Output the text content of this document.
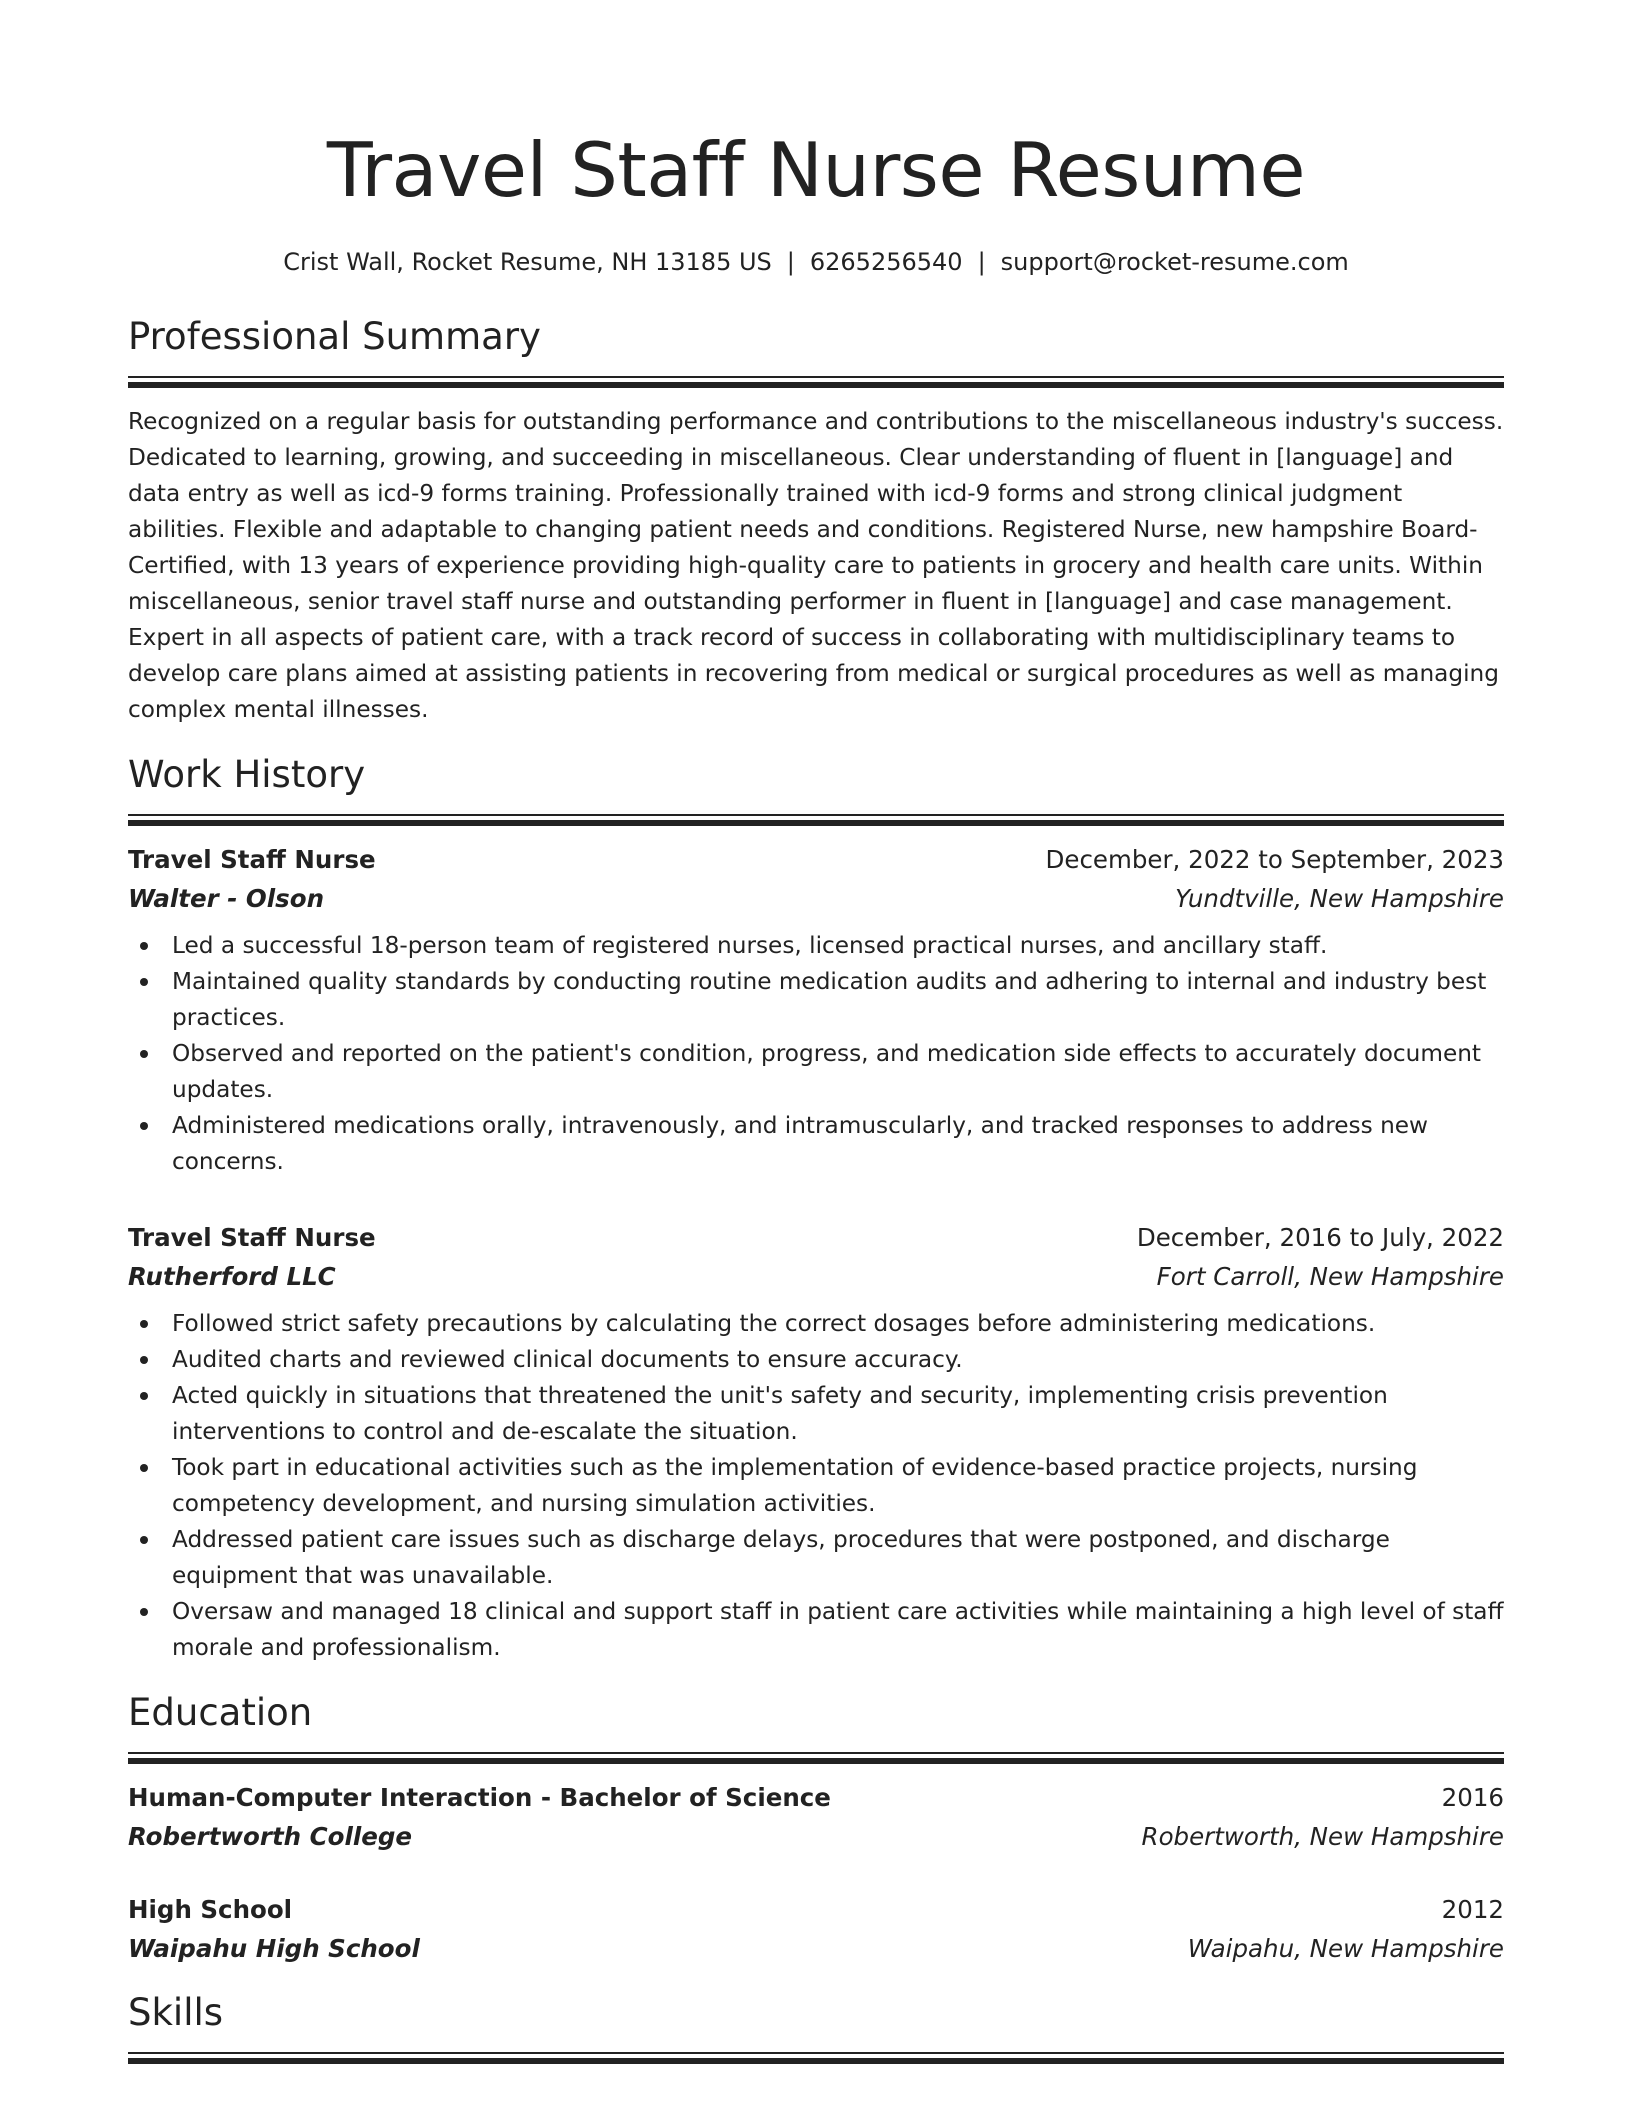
Travel Staff Nurse Resume
Crist Wall, Rocket Resume, NH 13185 US | 6265256540 | support@rocket-resume.com
Professional Summary

Recognized on a regular basis for outstanding performance and contributions to the miscellaneous industry's success. Dedicated to learning, growing, and succeeding in miscellaneous. Clear understanding of fluent in [language] and data entry as well as icd-9 forms training. Professionally trained with icd-9 forms and strong clinical judgment abilities. Flexible and adaptable to changing patient needs and conditions. Registered Nurse, new hampshire Board-Certified, with 13 years of experience providing high-quality care to patients in grocery and health care units. Within miscellaneous, senior travel staff nurse and outstanding performer in fluent in [language] and case management. Expert in all aspects of patient care, with a track record of success in collaborating with multidisciplinary teams to develop care plans aimed at assisting patients in recovering from medical or surgical procedures as well as managing complex mental illnesses.

Work History
Travel Staff Nurse	December, 2022 to September, 2023
Walter - Olson	Yundtville, New Hampshire
Led a successful 18-person team of registered nurses, licensed practical nurses, and ancillary staff.
Maintained quality standards by conducting routine medication audits and adhering to internal and industry best practices.
Observed and reported on the patient's condition, progress, and medication side effects to accurately document updates.
Administered medications orally, intravenously, and intramuscularly, and tracked responses to address new concerns.
Travel Staff Nurse	December, 2016 to July, 2022
Rutherford LLC	Fort Carroll, New Hampshire
Followed strict safety precautions by calculating the correct dosages before administering medications.
Audited charts and reviewed clinical documents to ensure accuracy.
Acted quickly in situations that threatened the unit's safety and security, implementing crisis prevention interventions to control and de-escalate the situation.
Took part in educational activities such as the implementation of evidence-based practice projects, nursing competency development, and nursing simulation activities.
Addressed patient care issues such as discharge delays, procedures that were postponed, and discharge equipment that was unavailable.
Oversaw and managed 18 clinical and support staff in patient care activities while maintaining a high level of staff morale and professionalism.
Education
Human-Computer Interaction - Bachelor of Science	2016
Robertworth College	Robertworth, New Hampshire
High School	2012
Waipahu High School	Waipahu, New Hampshire
Skills
